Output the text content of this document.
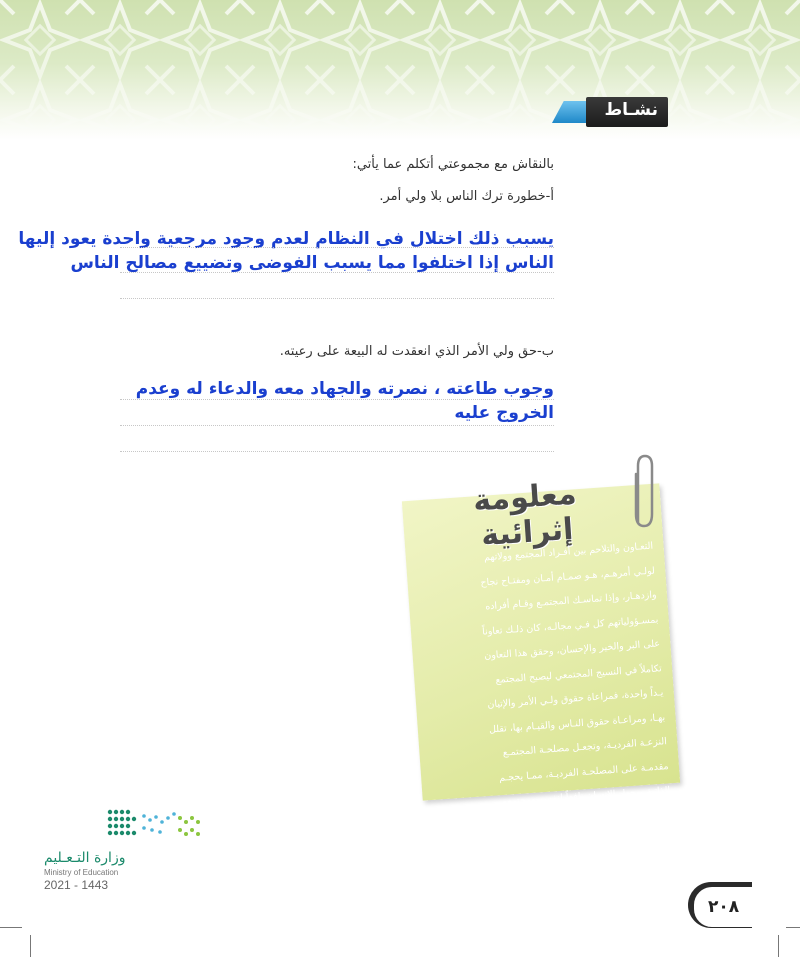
نشـاط
بالنقاش مع مجموعتي أتكلم عما يأتي:
أ-خطورة ترك الناس بلا ولي أمر.
يسبب ذلك اختلال في النظام لعدم وجود مرجعية واحدة يعود إليها
الناس إذا اختلفوا مما يسبب الفوضى وتضييع مصالح الناس
ب-حق ولي الأمر الذي انعقدت له البيعة على رعيته.
وجوب طاعته ، نصرته والجهاد معه والدعاء له وعدم
الخروج عليه
معلومة إثرائية
التعـاون والتلاحم بين أفـراد المجتمع وولاتهم
لولـي أمرهـم، هـو صمـام أمـان ومفتـاح نجاح
وازدهـار، وإذا تماسـك المجتمـع وقـام أفراده
بمسـؤولياتهم كل فـي مجالـه، كان ذلـك تعاوناً
على البر والخير والإحسان، وحقق هذا التعاون
تكاملاً في النسيج المجتمعي ليصبح المجتمع
يـداً واحدة، فمراعاة حقوق ولـي الأمر والإتيان
بهـا، ومراعـاة حقوق النـاس والقيـام بها، تقلل
النزعـة الفرديـة، وتجعـل مصلحـة المجتمـع
مقدمـة على المصلحـة الفرديـة، ممـا يحجـم
الذاتية ويجعل الإنسان نافعاً لنفسه ومجتمعه.
وزارة التـعـليم
Ministry of Education
2021 - 1443
٢٠٨
